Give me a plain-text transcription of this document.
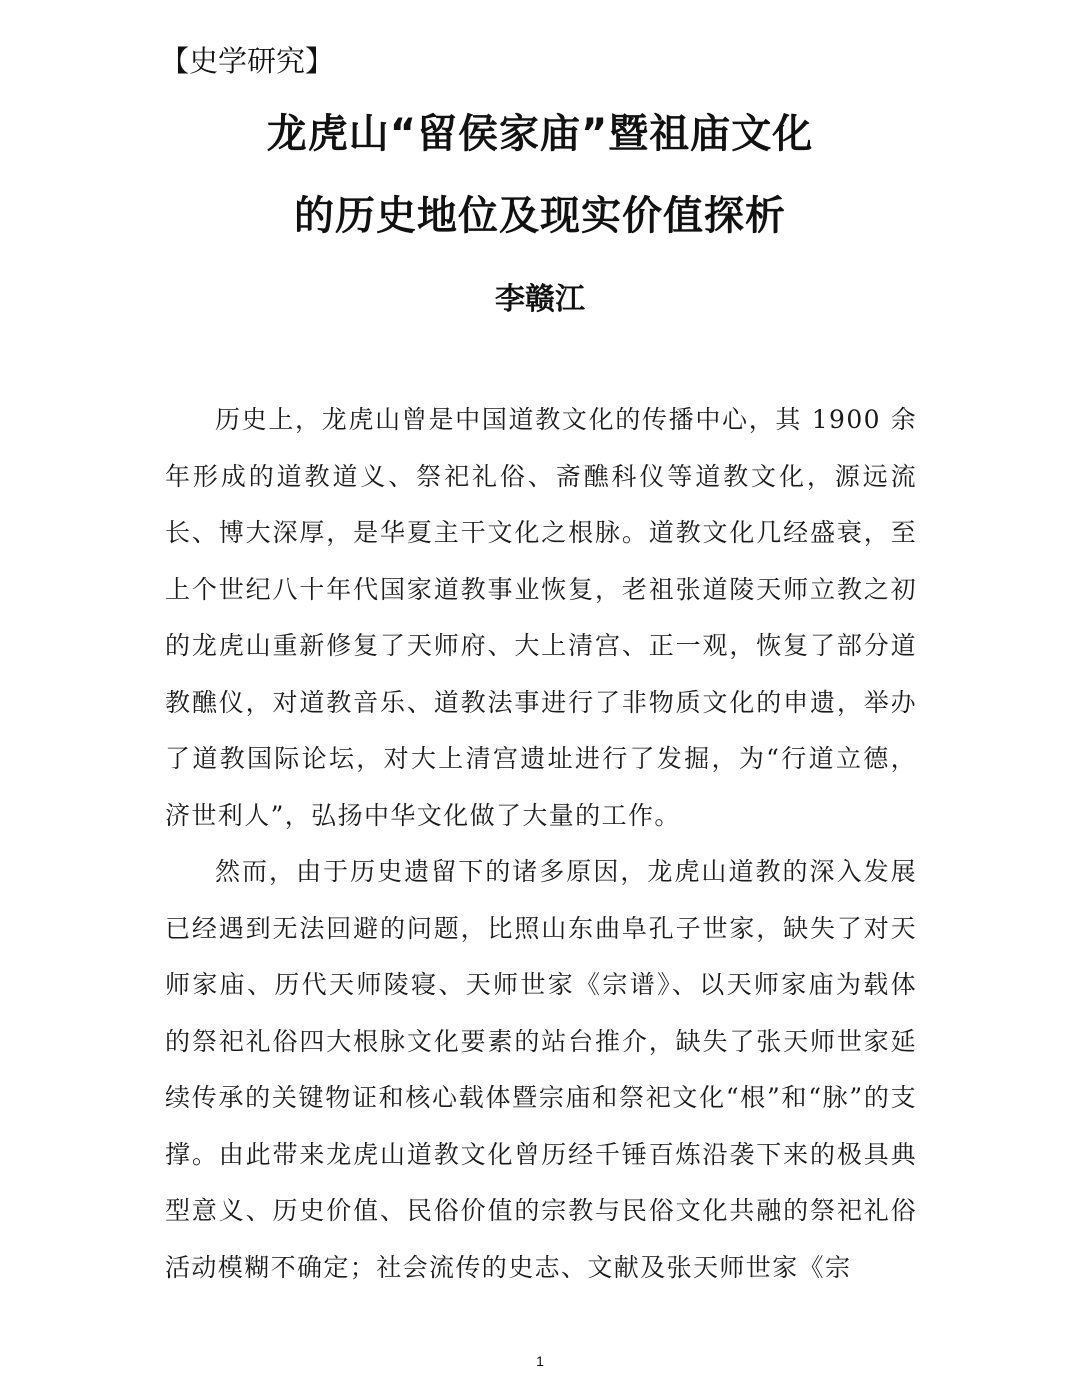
【史学研究】
龙虎山“留侯家庙”暨祖庙文化
的历史地位及现实价值探析
李赣江

历史上，龙虎山曾是中国道教文化的传播中心，其 1900 余年形成的道教道义、祭祀礼俗、斋醮科仪等道教文化，源远流长、博大深厚，是华夏主干文化之根脉。道教文化几经盛衰，至上个世纪八十年代国家道教事业恢复，老祖张道陵天师立教之初的龙虎山重新修复了天师府、大上清宫、正一观，恢复了部分道教醮仪，对道教音乐、道教法事进行了非物质文化的申遗，举办了道教国际论坛，对大上清宫遗址进行了发掘，为“行道立德，济世利人”，弘扬中华文化做了大量的工作。

然而，由于历史遗留下的诸多原因，龙虎山道教的深入发展已经遇到无法回避的问题，比照山东曲阜孔子世家，缺失了对天师家庙、历代天师陵寝、天师世家《宗谱》、以天师家庙为载体的祭祀礼俗四大根脉文化要素的站台推介，缺失了张天师世家延续传承的关键物证和核心载体暨宗庙和祭祀文化“根”和“脉”的支撑。由此带来龙虎山道教文化曾历经千锤百炼沿袭下来的极具典型意义、历史价值、民俗价值的宗教与民俗文化共融的祭祀礼俗活动模糊不确定；社会流传的史志、文献及张天师世家《宗

1
